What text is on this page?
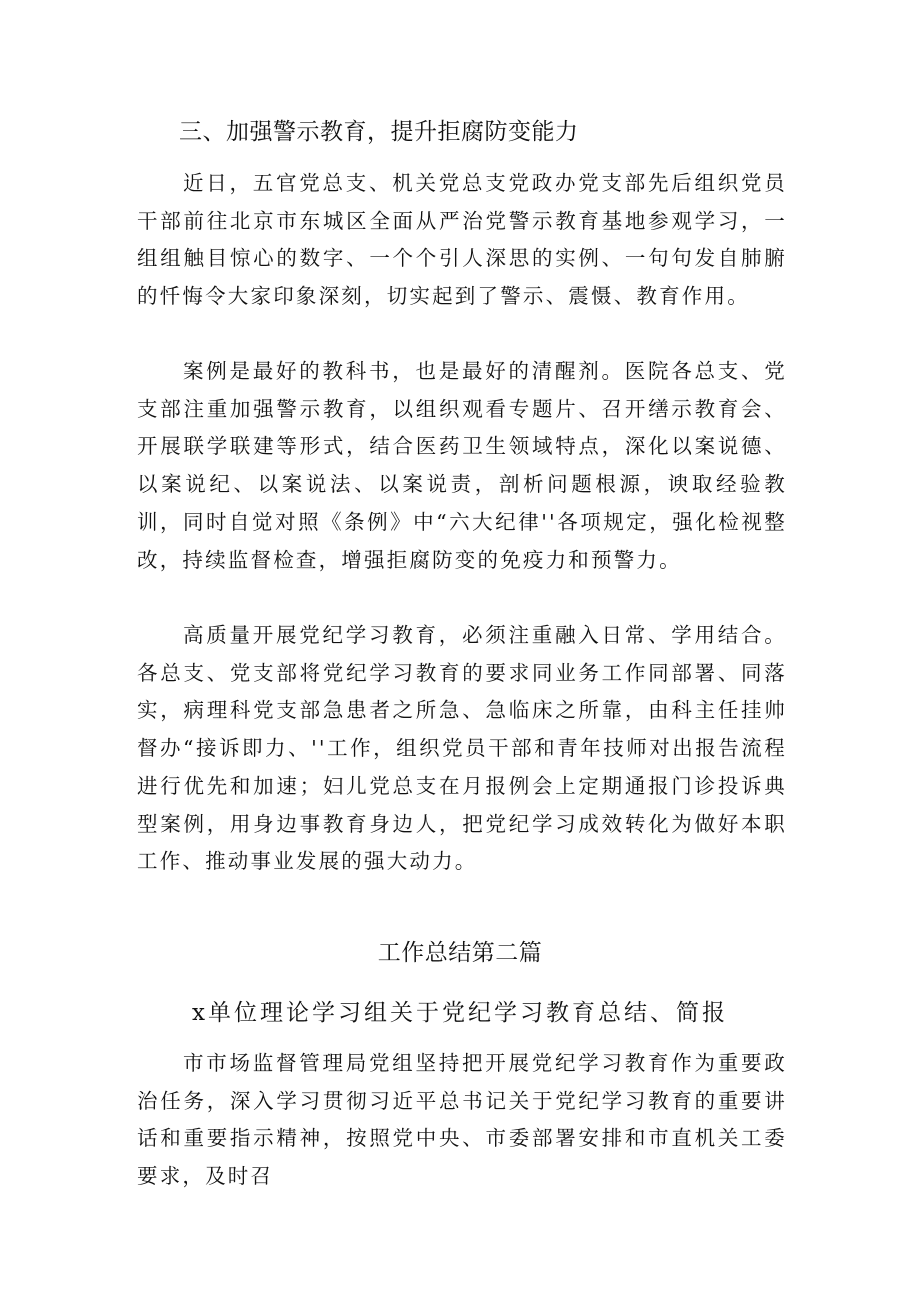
三、加强警示教育，提升拒腐防变能力

近日，五官党总支、机关党总支党政办党支部先后组织党员干部前往北京市东城区全面从严治党警示教育基地参观学习，一组组触目惊心的数字、一个个引人深思的实例、一句句发自肺腑的忏悔令大家印象深刻，切实起到了警示、震慑、教育作用。

案例是最好的教科书，也是最好的清醒剂。医院各总支、党支部注重加强警示教育，以组织观看专题片、召开缮示教育会、开展联学联建等形式，结合医药卫生领域特点，深化以案说德、以案说纪、以案说法、以案说责，剖析问题根源，谀取经验教训，同时自觉对照《条例》中“六大纪律''各项规定，强化检视整改，持续监督检查，增强拒腐防变的免疫力和预警力。

高质量开展党纪学习教育，必须注重融入日常、学用结合。各总支、党支部将党纪学习教育的要求同业务工作同部署、同落实，病理科党支部急患者之所急、急临床之所靠，由科主任挂帅督办“接诉即力、''工作，组织党员干部和青年技师对出报告流程进行优先和加速；妇儿党总支在月报例会上定期通报门诊投诉典型案例，用身边事教育身边人，把党纪学习成效转化为做好本职工作、推动事业发展的强大动力。

工作总结第二篇
x单位理论学习组关于党纪学习教育总结、简报

市市场监督管理局党组坚持把开展党纪学习教育作为重要政治任务，深入学习贯彻习近平总书记关于党纪学习教育的重要讲话和重要指示精神，按照党中央、市委部署安排和市直机关工委要求，及时召
